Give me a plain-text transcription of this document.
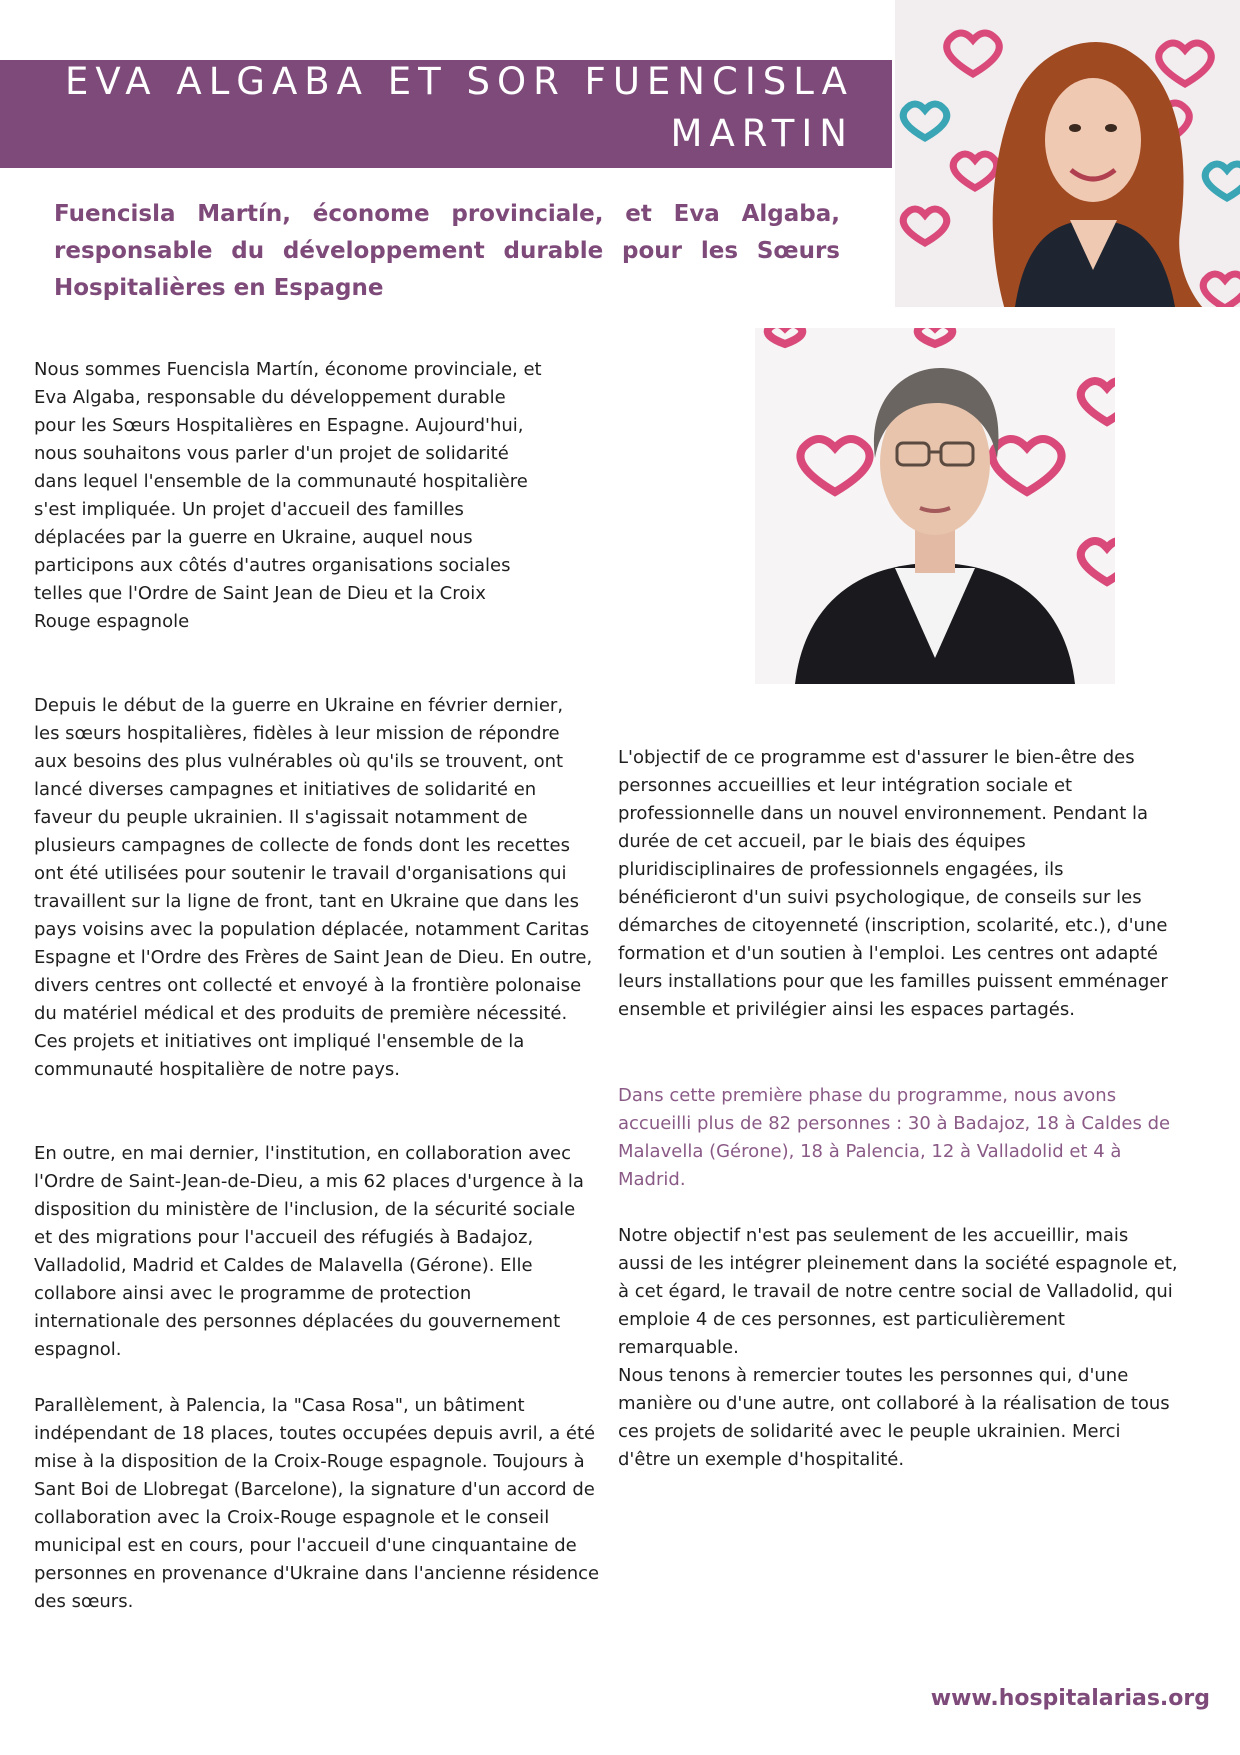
EVA ALGABA ET SOR FUENCISLA
MARTIN
Fuencisla Martín, économe provinciale, et Eva Algaba, responsable du développement durable pour les Sœurs Hospitalières en Espagne

Nous sommes Fuencisla Martín, économe provinciale, et Eva Algaba, responsable du développement durable pour les Sœurs Hospitalières en Espagne. Aujourd'hui, nous souhaitons vous parler d'un projet de solidarité dans lequel l'ensemble de la communauté hospitalière s'est impliquée. Un projet d'accueil des familles déplacées par la guerre en Ukraine, auquel nous participons aux côtés d'autres organisations sociales telles que l'Ordre de Saint Jean de Dieu et la Croix Rouge espagnole

Depuis le début de la guerre en Ukraine en février dernier, les sœurs hospitalières, fidèles à leur mission de répondre aux besoins des plus vulnérables où qu'ils se trouvent, ont lancé diverses campagnes et initiatives de solidarité en faveur du peuple ukrainien. Il s'agissait notamment de plusieurs campagnes de collecte de fonds dont les recettes ont été utilisées pour soutenir le travail d'organisations qui travaillent sur la ligne de front, tant en Ukraine que dans les pays voisins avec la population déplacée, notamment Caritas Espagne et l'Ordre des Frères de Saint Jean de Dieu. En outre, divers centres ont collecté et envoyé à la frontière polonaise du matériel médical et des produits de première nécessité. Ces projets et initiatives ont impliqué l'ensemble de la communauté hospitalière de notre pays.

En outre, en mai dernier, l'institution, en collaboration avec l'Ordre de Saint-Jean-de-Dieu, a mis 62 places d'urgence à la disposition du ministère de l'inclusion, de la sécurité sociale et des migrations pour l'accueil des réfugiés à Badajoz, Valladolid, Madrid et Caldes de Malavella (Gérone). Elle collabore ainsi avec le programme de protection internationale des personnes déplacées du gouvernement espagnol.

Parallèlement, à Palencia, la "Casa Rosa", un bâtiment indépendant de 18 places, toutes occupées depuis avril, a été mise à la disposition de la Croix-Rouge espagnole. Toujours à Sant Boi de Llobregat (Barcelone), la signature d'un accord de collaboration avec la Croix-Rouge espagnole et le conseil municipal est en cours, pour l'accueil d'une cinquantaine de personnes en provenance d'Ukraine dans l'ancienne résidence des sœurs.

L'objectif de ce programme est d'assurer le bien-être des personnes accueillies et leur intégration sociale et professionnelle dans un nouvel environnement. Pendant la durée de cet accueil, par le biais des équipes pluridisciplinaires de professionnels engagées, ils bénéficieront d'un suivi psychologique, de conseils sur les démarches de citoyenneté (inscription, scolarité, etc.), d'une formation et d'un soutien à l'emploi. Les centres ont adapté leurs installations pour que les familles puissent emménager ensemble et privilégier ainsi les espaces partagés.

Dans cette première phase du programme, nous avons accueilli plus de 82 personnes : 30 à Badajoz, 18 à Caldes de Malavella (Gérone), 18 à Palencia, 12 à Valladolid et 4 à Madrid.

Notre objectif n'est pas seulement de les accueillir, mais aussi de les intégrer pleinement dans la société espagnole et, à cet égard, le travail de notre centre social de Valladolid, qui emploie 4 de ces personnes, est particulièrement remarquable.

Nous tenons à remercier toutes les personnes qui, d'une manière ou d'une autre, ont collaboré à la réalisation de tous ces projets de solidarité avec le peuple ukrainien. Merci d'être un exemple d'hospitalité.

www.hospitalarias.org
